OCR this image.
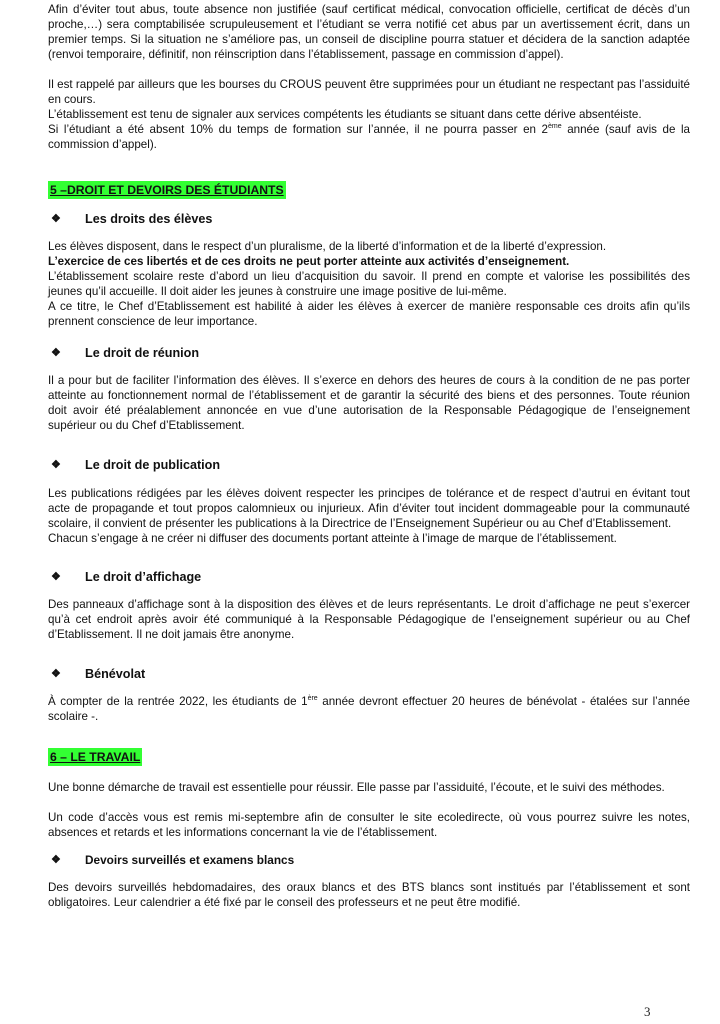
Afin d’éviter tout abus, toute absence non justifiée (sauf certificat médical, convocation officielle, certificat de décès d’un proche,…) sera comptabilisée scrupuleusement et l’étudiant se verra notifié cet abus par un avertissement écrit, dans un premier temps. Si la situation ne s’améliore pas, un conseil de discipline pourra statuer et décidera de la sanction adaptée (renvoi temporaire, définitif, non réinscription dans l’établissement, passage en commission d’appel).

Il est rappelé par ailleurs que les bourses du CROUS peuvent être supprimées pour un étudiant ne respectant pas l’assiduité en cours.

L’établissement est tenu de signaler aux services compétents les étudiants se situant dans cette dérive absentéiste.

Si l’étudiant a été absent 10% du temps de formation sur l’année, il ne pourra passer en 2ème année (sauf avis de la commission d’appel).

5 –DROIT ET DEVOIRS DES ÉTUDIANTS
❖	Les droits des élèves

Les élèves disposent, dans le respect d’un pluralisme, de la liberté d’information et de la liberté d’expression.

L’exercice de ces libertés et de ces droits ne peut porter atteinte aux activités d’enseignement.

L’établissement scolaire reste d’abord un lieu d’acquisition du savoir. Il prend en compte et valorise les possibilités des jeunes qu’il accueille. Il doit aider les jeunes à construire une image positive de lui-même.

A ce titre, le Chef d’Etablissement est habilité à aider les élèves à exercer de manière responsable ces droits afin qu’ils prennent conscience de leur importance.

❖	Le droit de réunion

Il a pour but de faciliter l’information des élèves. Il s’exerce en dehors des heures de cours à la condition de ne pas porter atteinte au fonctionnement normal de l’établissement et de garantir la sécurité des biens et des personnes. Toute réunion doit avoir été préalablement annoncée en vue d’une autorisation de la Responsable Pédagogique de l’enseignement supérieur ou du Chef d’Etablissement.

❖	Le droit de publication

Les publications rédigées par les élèves doivent respecter les principes de tolérance et de respect d’autrui en évitant tout acte de propagande et tout propos calomnieux ou injurieux. Afin d’éviter tout incident dommageable pour la communauté scolaire, il convient de présenter les publications à la Directrice de l’Enseignement Supérieur ou au Chef d’Etablissement.

Chacun s’engage à ne créer ni diffuser des documents portant atteinte à l’image de marque de l’établissement.

❖	Le droit d’affichage

Des panneaux d’affichage sont à la disposition des élèves et de leurs représentants. Le droit d’affichage ne peut s’exercer qu’à cet endroit après avoir été communiqué à la Responsable Pédagogique de l’enseignement supérieur ou au Chef d’Etablissement. Il ne doit jamais être anonyme.

❖	Bénévolat

À compter de la rentrée 2022, les étudiants de 1ère année devront effectuer 20 heures de bénévolat - étalées sur l’année scolaire -.

6 – LE TRAVAIL

Une bonne démarche de travail est essentielle pour réussir. Elle passe par l’assiduité, l’écoute, et le suivi des méthodes.

Un code d’accès vous est remis mi-septembre afin de consulter le site ecoledirecte, où vous pourrez suivre les notes, absences et retards et les informations concernant la vie de l’établissement.

❖	Devoirs surveillés et examens blancs

Des devoirs surveillés hebdomadaires, des oraux blancs et des BTS blancs sont institués par l’établissement et sont obligatoires. Leur calendrier a été fixé par le conseil des professeurs et ne peut être modifié.

3
